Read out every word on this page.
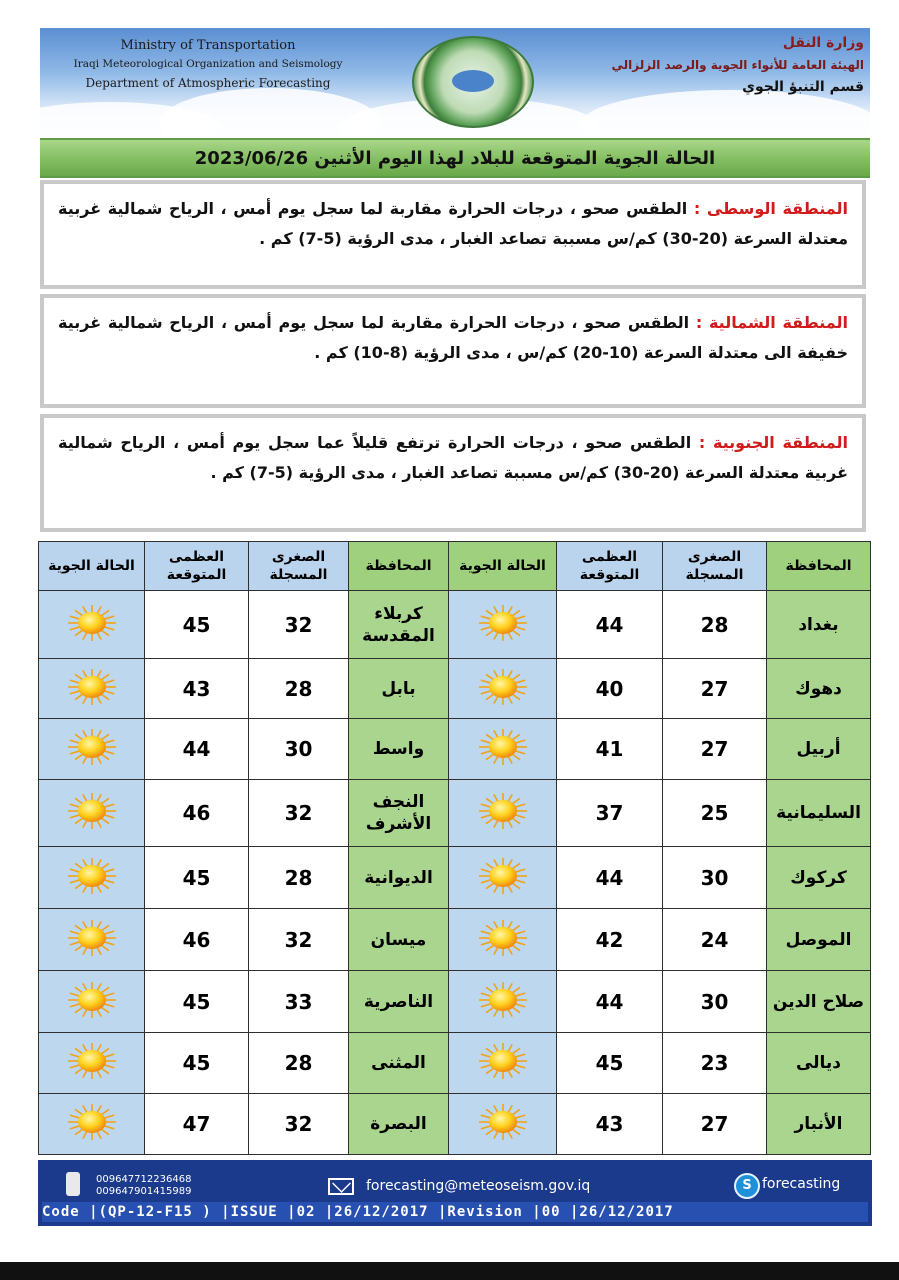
Ministry of Transportation
Iraqi Meteorological Organization and Seismology
Department of Atmospheric Forecasting
وزارة النقل
الهيئة العامة للأنواء الجوية والرصد الزلزالي
قسم التنبؤ الجوي
الحالة الجوية المتوقعة للبلاد لهذا اليوم الأثنين 2023/06/26
المنطقة الوسطى : الطقس صحو ، درجات الحرارة مقاربة لما سجل يوم أمس ، الرياح شمالية غربية معتدلة السرعة (20-30) كم/س مسببة تصاعد الغبار ، مدى الرؤية (5-7) كم .
المنطقة الشمالية : الطقس صحو ، درجات الحرارة مقاربة لما سجل يوم أمس ، الرياح شمالية غربية خفيفة الى معتدلة السرعة (10-20) كم/س ، مدى الرؤية (8-10) كم .
المنطقة الجنوبية : الطقس صحو ، درجات الحرارة ترتفع قليلاً عما سجل يوم أمس ، الرياح شمالية غربية معتدلة السرعة (20-30) كم/س مسببة تصاعد الغبار ، مدى الرؤية (5-7) كم .
الحالة الجوية	العظمى المتوقعة	الصغرى المسجلة	المحافظة	الحالة الجوية	العظمى المتوقعة	الصغرى المسجلة	المحافظة
	45	32	كربلاء المقدسة		44	28	بغداد
	43	28	بابل		40	27	دهوك
	44	30	واسط		41	27	أربيل
	46	32	النجف الأشرف		37	25	السليمانية
	45	28	الديوانية		44	30	كركوك
	46	32	ميسان		42	24	الموصل
	45	33	الناصرية		44	30	صلاح الدين
	45	28	المثنى		45	23	ديالى
	47	32	البصرة		43	27	الأنبار
009647712236468
009647901415989	forecasting@meteoseism.gov.iq	S forecasting
Code |(QP-12-F15 ) |ISSUE |02 |26/12/2017 |Revision |00 |26/12/2017
